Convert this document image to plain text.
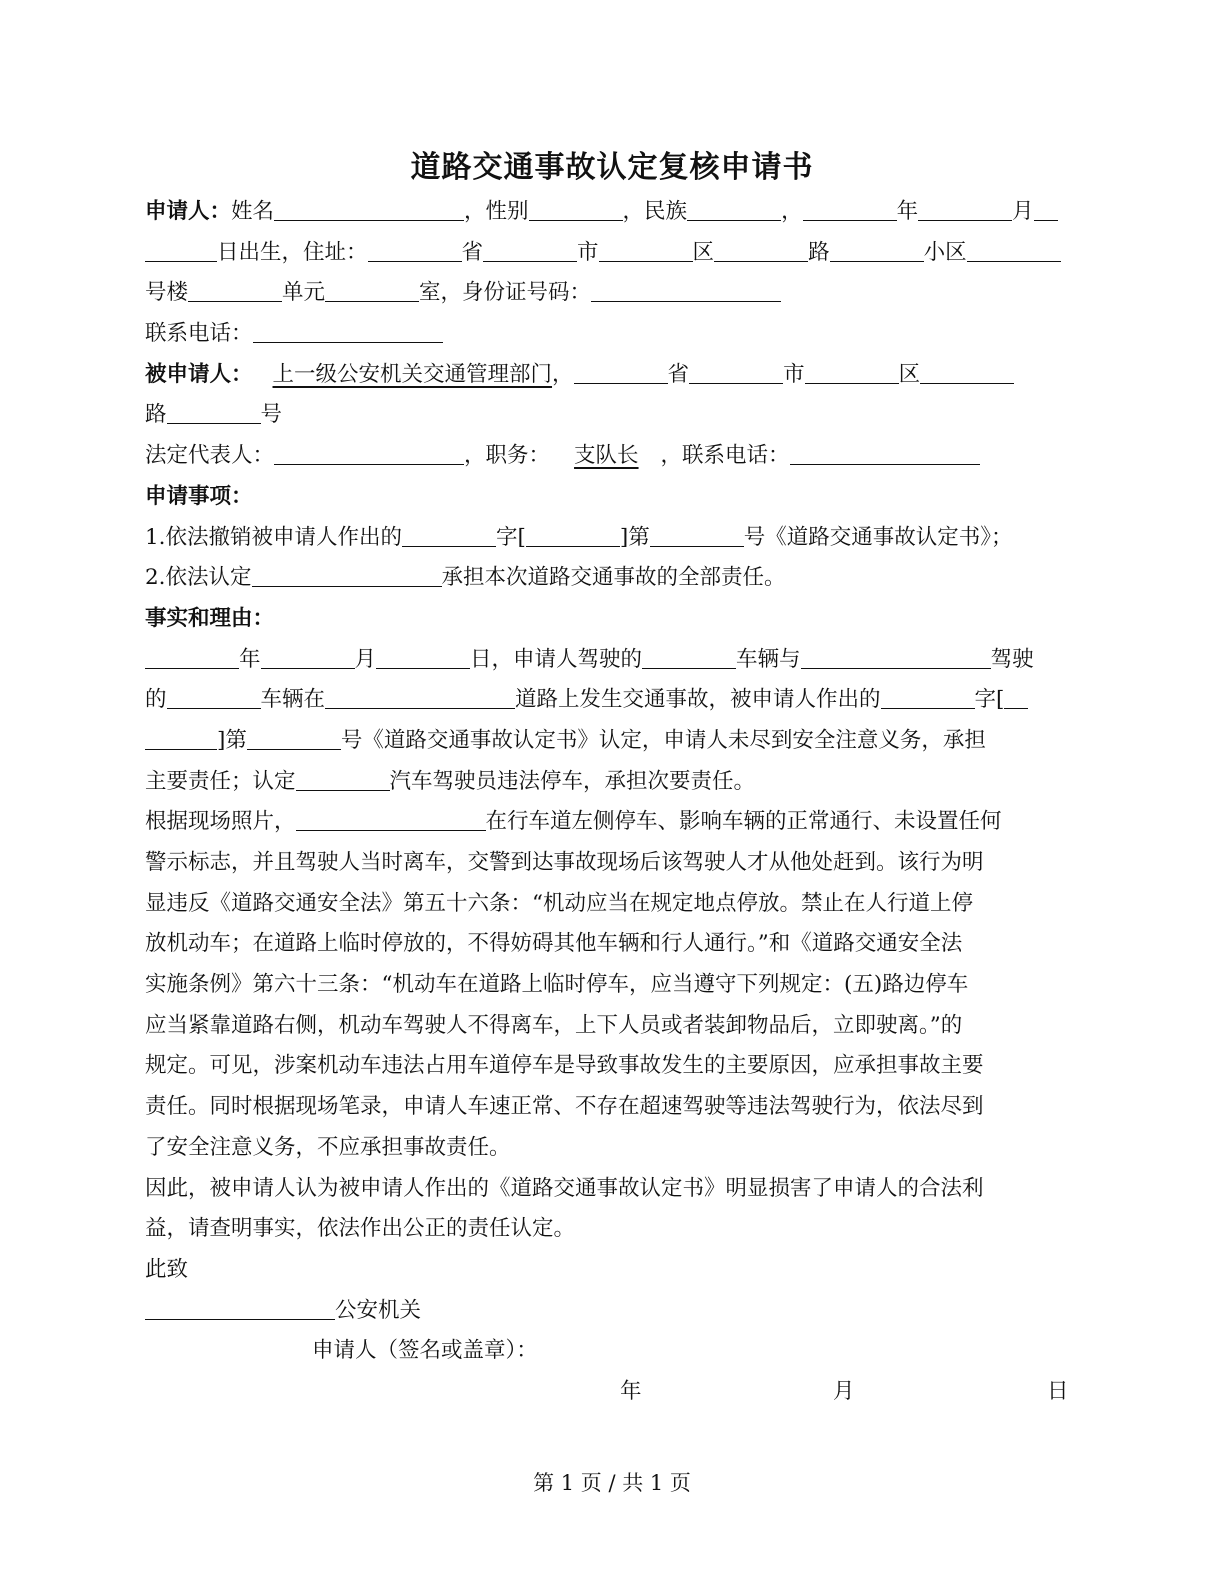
道路交通事故认定复核申请书
申请人：姓名	，性别	，民族	，	年	月
日出生，住址：	省	市	区	路	小区
号楼	单元	室，身份证号码：
联系电话：
被申请人： 上一级公安机关交通管理部门，	省	市	区
路	号
法定代表人：	，职务： 支队长 ，联系电话：
申请事项：
1.依法撤销被申请人作出的	字[	]第	号《道路交通事故认定书》；
2.依法认定	承担本次道路交通事故的全部责任。
事实和理由：
年	月	日，申请人驾驶的	车辆与	驾驶
的	车辆在	道路上发生交通事故，被申请人作出的	字[
]第	号《道路交通事故认定书》认定，申请人未尽到安全注意义务，承担
主要责任；认定	汽车驾驶员违法停车，承担次要责任。
根据现场照片，	在行车道左侧停车、影响车辆的正常通行、未设置任何
警示标志，并且驾驶人当时离车，交警到达事故现场后该驾驶人才从他处赶到。该行为明
显违反《道路交通安全法》第五十六条：“机动应当在规定地点停放。禁止在人行道上停
放机动车；在道路上临时停放的，不得妨碍其他车辆和行人通行。”和《道路交通安全法
实施条例》第六十三条：“机动车在道路上临时停车，应当遵守下列规定：(五)路边停车
应当紧靠道路右侧，机动车驾驶人不得离车，上下人员或者装卸物品后，立即驶离。”的
规定。可见，涉案机动车违法占用车道停车是导致事故发生的主要原因，应承担事故主要
责任。同时根据现场笔录，申请人车速正常、不存在超速驾驶等违法驾驶行为，依法尽到
了安全注意义务，不应承担事故责任。
因此，被申请人认为被申请人作出的《道路交通事故认定书》明显损害了申请人的合法利
益，请查明事实，依法作出公正的责任认定。
此致
公安机关
申请人（签名或盖章）：
年	月	日
第 1 页 / 共 1 页
